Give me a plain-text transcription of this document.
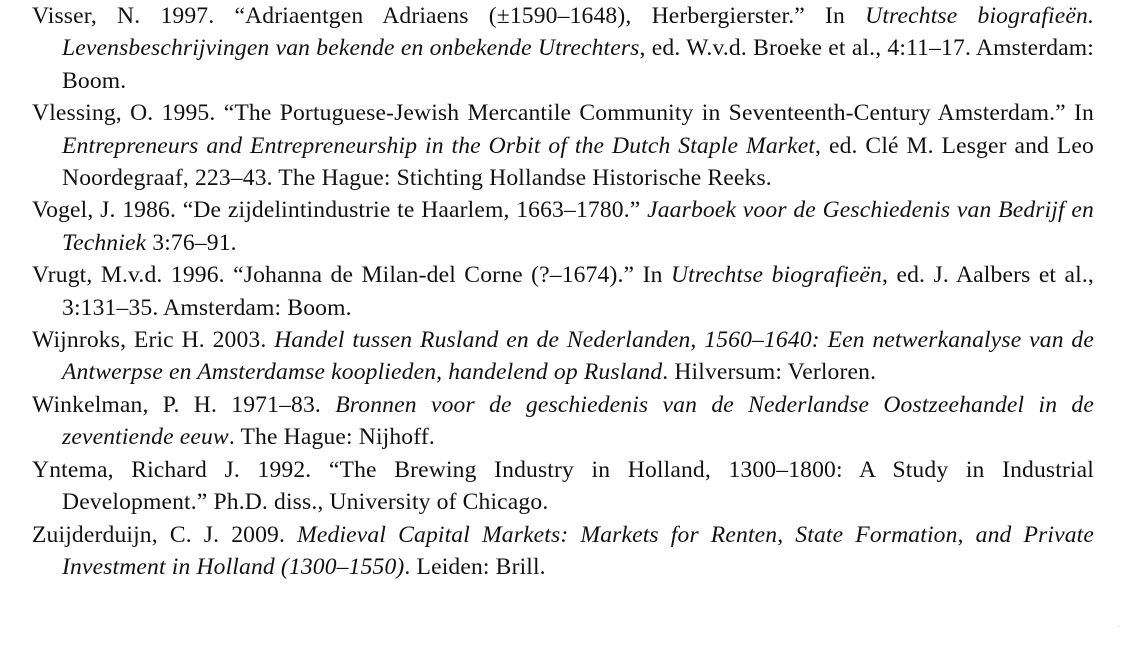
Visser, N. 1997. “Adriaentgen Adriaens (±1590–1648), Herbergierster.” In Utrechtse biografieën. Levensbeschrijvingen van bekende en onbekende Utrechters, ed. W.v.d. Broeke et al., 4:11–17. Amsterdam: Boom.

Vlessing, O. 1995. “The Portuguese-Jewish Mercantile Community in Seventeenth-Century Amsterdam.” In Entrepreneurs and Entrepreneurship in the Orbit of the Dutch Staple Market, ed. Clé M. Lesger and Leo Noordegraaf, 223–43. The Hague: Stichting Hollandse Historische Reeks.

Vogel, J. 1986. “De zijdelintindustrie te Haarlem, 1663–1780.” Jaarboek voor de Geschiedenis van Bedrijf en Techniek 3:76–91.

Vrugt, M.v.d. 1996. “Johanna de Milan-del Corne (?–1674).” In Utrechtse biografieën, ed. J. Aalbers et al., 3:131–35. Amsterdam: Boom.

Wijnroks, Eric H. 2003. Handel tussen Rusland en de Nederlanden, 1560–1640: Een netwerkanalyse van de Antwerpse en Amsterdamse kooplieden, handelend op Rusland. Hilversum: Verloren.

Winkelman, P. H. 1971–83. Bronnen voor de geschiedenis van de Nederlandse Oostzeehandel in de zeventiende eeuw. The Hague: Nijhoff.

Yntema, Richard J. 1992. “The Brewing Industry in Holland, 1300–1800: A Study in Industrial Development.” Ph.D. diss., University of Chicago.

Zuijderduijn, C. J. 2009. Medieval Capital Markets: Markets for Renten, State Formation, and Private Investment in Holland (1300–1550). Leiden: Brill.
